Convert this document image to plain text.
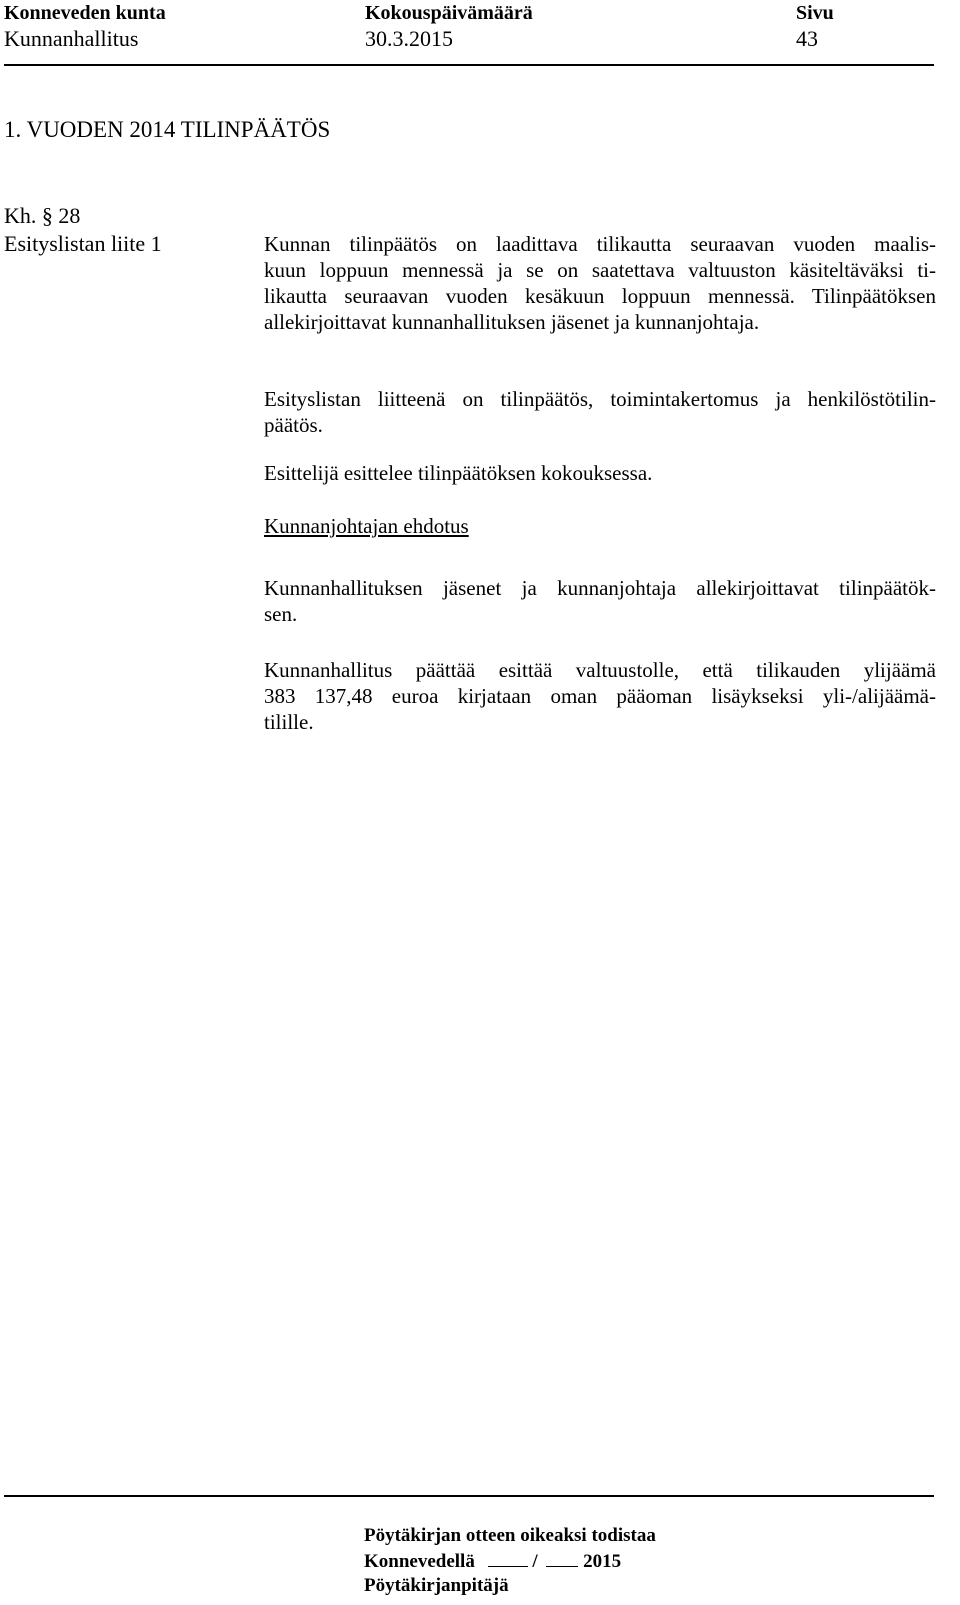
Konneveden kunta	Kokouspäivämäärä	Sivu
Kunnanhallitus	30.3.2015	43
1. VUODEN 2014 TILINPÄÄTÖS
Kh. § 28
Esityslistan liite 1	Kunnan tilinpäätös on laadittava tilikautta seuraavan vuoden maalis-
kuun loppuun mennessä ja se on saatettava valtuuston käsiteltäväksi ti-
likautta seuraavan vuoden kesäkuun loppuun mennessä. Tilinpäätöksen
allekirjoittavat kunnanhallituksen jäsenet ja kunnanjohtaja.
Esityslistan liitteenä on tilinpäätös, toimintakertomus ja henkilöstötilin-
päätös.
Esittelijä esittelee tilinpäätöksen kokouksessa.
Kunnanjohtajan ehdotus
Kunnanhallituksen jäsenet ja kunnanjohtaja allekirjoittavat tilinpäätök-
sen.
Kunnanhallitus päättää esittää valtuustolle, että tilikauden ylijäämä
383 137,48 euroa kirjataan oman pääoman lisäykseksi yli-/alijäämä-
tilille.
Pöytäkirjan otteen oikeaksi todistaa
Konnevedellä	/ 2015
Pöytäkirjanpitäjä
